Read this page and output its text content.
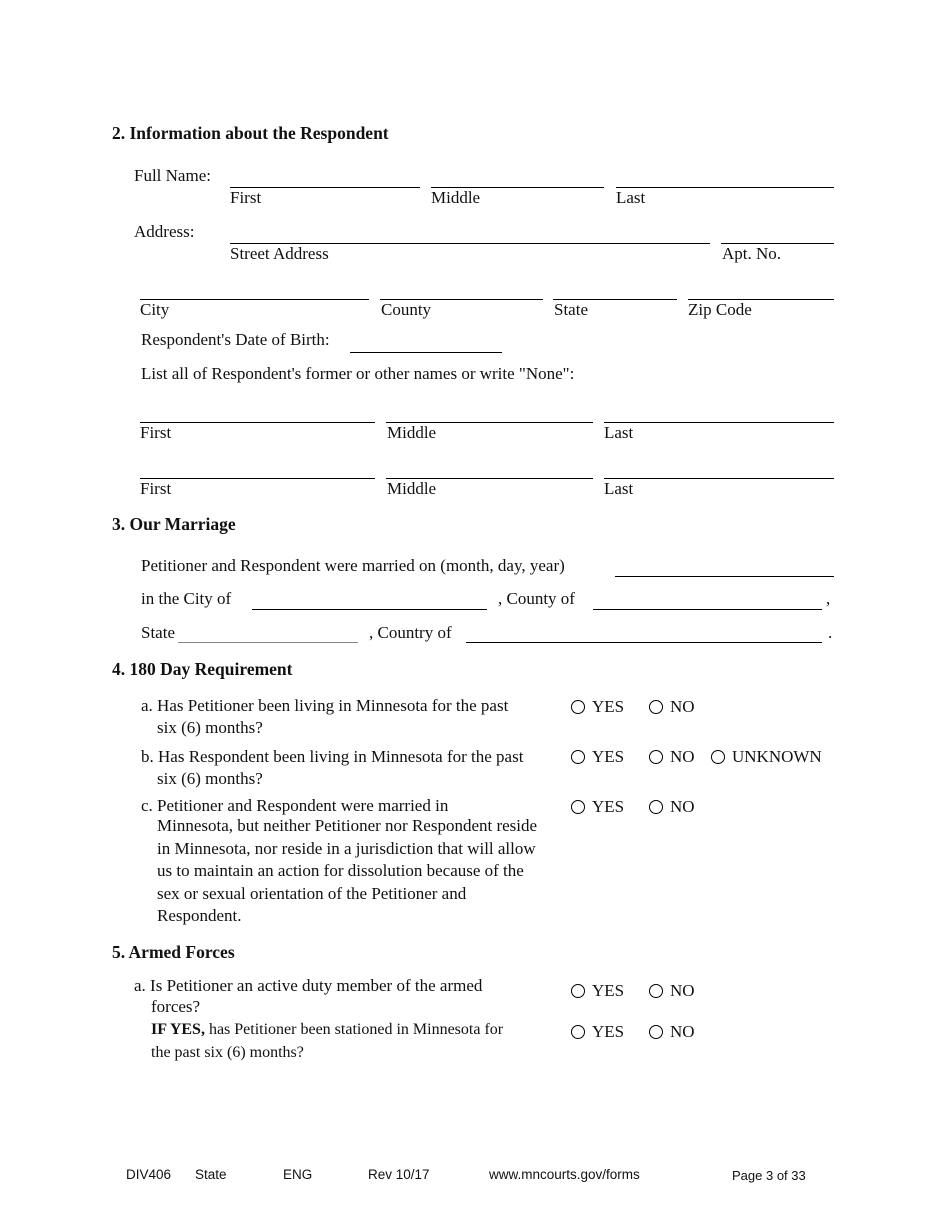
2. Information about the Respondent
Full Name:
First	Middle	Last
Address:
Street Address	Apt. No.
City	County	State	Zip Code
Respondent's Date of Birth:
List all of Respondent's former or other names or write "None":
First	Middle	Last
First	Middle	Last
3. Our Marriage
Petitioner and Respondent were married on (month, day, year)
in the City of	, County of	,
State	, Country of	.
4. 180 Day Requirement
a. Has Petitioner been living in Minnesota for the past
six (6) months?
YES	NO
b. Has Respondent been living in Minnesota for the past
six (6) months?
YES	NO UNKNOWN
c. Petitioner and Respondent were married in
Minnesota, but neither Petitioner nor Respondent reside in Minnesota, nor reside in a jurisdiction that will allow us to maintain an action for dissolution because of the sex or sexual orientation of the Petitioner and Respondent.
YES	NO
5. Armed Forces
a. Is Petitioner an active duty member of the armed
forces?
YES	NO
IF YES, has Petitioner been stationed in Minnesota for
the past six (6) months?
YES	NO
DIV406 State	ENG	Rev 10/17	www.mncourts.gov/forms	Page 3 of 33
